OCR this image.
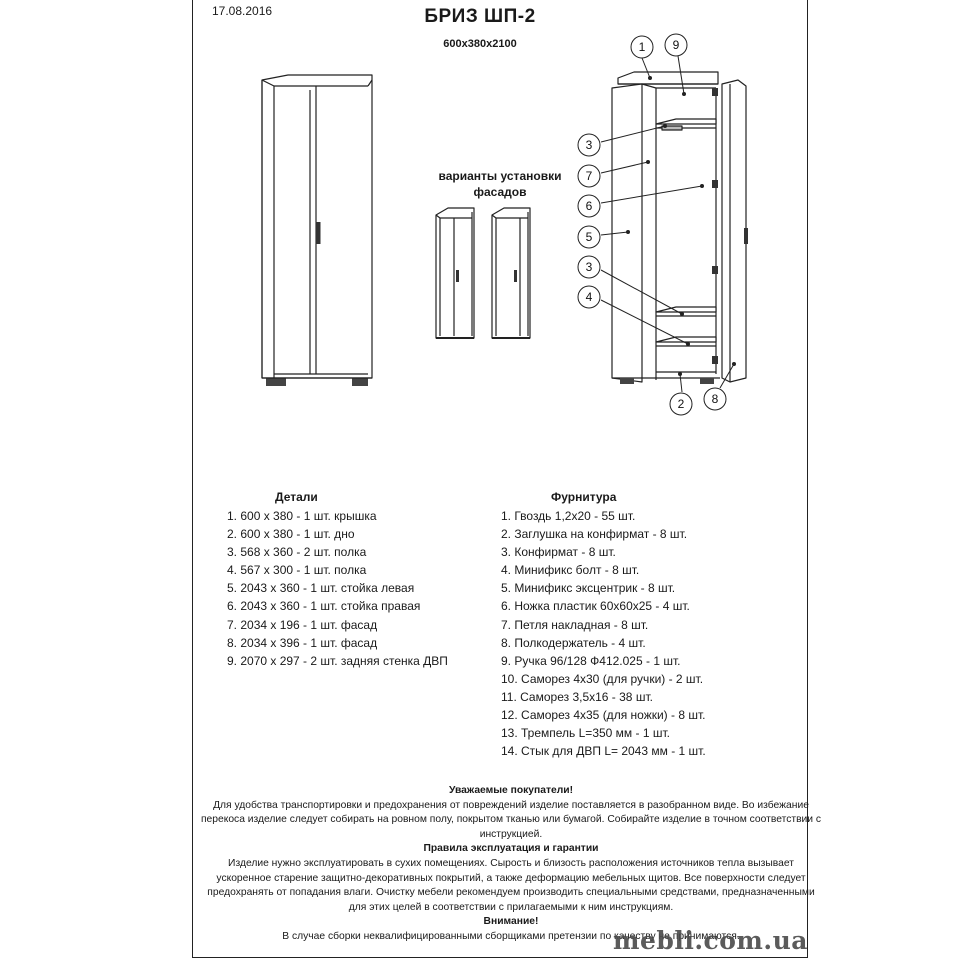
17.08.2016	БРИЗ ШП-2
600x380x2100
варианты установки
фасадов
1 9
3
7
6
5
3
4
2 8
Детали
1. 600 х 380 - 1 шт. крышка
2. 600 х 380 - 1 шт. дно
3. 568 х 360 - 2 шт. полка
4. 567 х 300 - 1 шт. полка
5. 2043 х 360 - 1 шт. стойка левая
6. 2043 х 360 - 1 шт. стойка правая
7. 2034 х 196 - 1 шт. фасад
8. 2034 х 396 - 1 шт. фасад
9. 2070 х 297 - 2 шт. задняя стенка ДВП
Фурнитура
1. Гвоздь 1,2х20 - 55 шт.
2. Заглушка на конфирмат - 8 шт.
3. Конфирмат - 8 шт.
4. Минификс болт - 8 шт.
5. Минификс эксцентрик - 8 шт.
6. Ножка пластик 60х60х25 - 4 шт.
7. Петля накладная - 8 шт.
8. Полкодержатель - 4 шт.
9. Ручка 96/128 Ф412.025 - 1 шт.
10. Саморез 4х30 (для ручки) - 2 шт.
11. Саморез 3,5х16 - 38 шт.
12. Саморез 4х35 (для ножки) - 8 шт.
13. Тремпель L=350 мм - 1 шт.
14. Стык для ДВП L= 2043 мм - 1 шт.

Уважаемые покупатели!

Для удобства транспортировки и предохранения от повреждений изделие поставляется в разобранном виде. Во избежание перекоса изделие следует собирать на ровном полу, покрытом тканью или бумагой. Собирайте изделие в точном соответствии с инструкцией.

Правила эксплуатация и гарантии

Изделие нужно эксплуатировать в сухих помещениях. Сырость и близость расположения источников тепла вызывает ускоренное старение защитно-декоративных покрытий, а также деформацию мебельных щитов. Все поверхности следует предохранять от попадания влаги. Очистку мебели рекомендуем производить специальными средствами, предназначенными для этих целей в соответствии с прилагаемыми к ним инструкциям.

Внимание!

В случае сборки неквалифицированными сборщиками претензии по качеству не принимаются.

mebli.com.ua
